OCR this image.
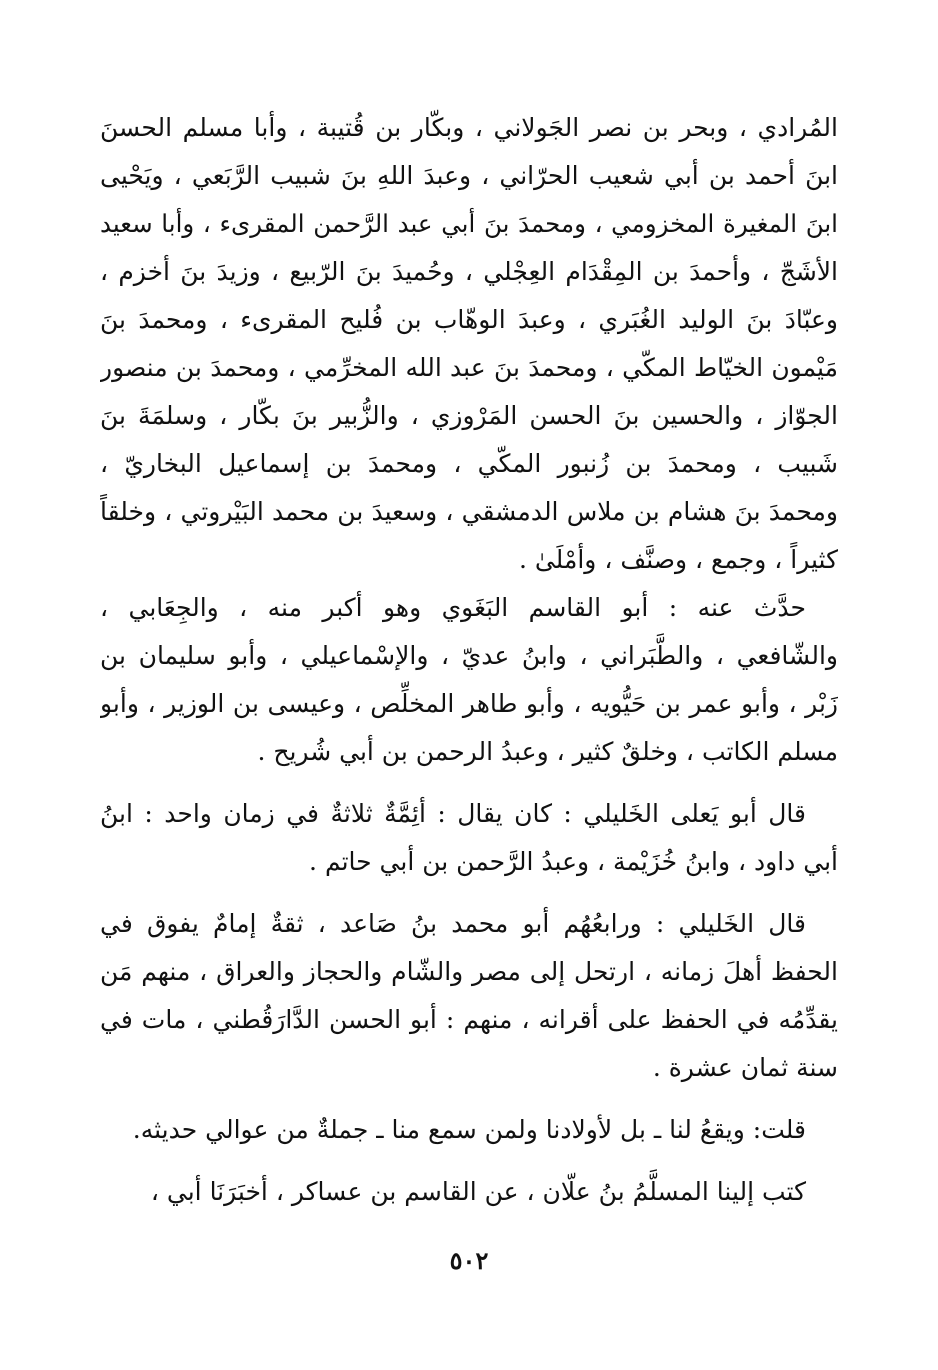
المُرادي ، وبحر بن نصر الجَولاني ، وبكّار بن قُتيبة ، وأبا مسلم الحسنَ
ابنَ أحمد بن أبي شعيب الحرّاني ، وعبدَ اللهِ بنَ شبيب الرَّبَعي ، ويَحْيى
ابنَ المغيرة المخزومي ، ومحمدَ بنَ أبي عبد الرَّحمن المقرىء ، وأبا سعيد
الأشَجّ ، وأحمدَ بن المِقْدَام العِجْلي ، وحُميدَ بنَ الرّبيع ، وزيدَ بنَ أخزم ،
وعبّادَ بنَ الوليد الغُبَري ، وعبدَ الوهّاب بن فُليح المقرىء ، ومحمدَ بنَ
مَيْمون الخيّاط المكّي ، ومحمدَ بنَ عبد الله المخرِّمي ، ومحمدَ بن منصور
الجوّاز ، والحسين بنَ الحسن المَرْوزي ، والزُّبير بنَ بكّار ، وسلمَةَ بنَ
شَبيب ، ومحمدَ بن زُنبور المكّي ، ومحمدَ بن إسماعيل البخاريّ ،
ومحمدَ بنَ هشام بن ملاس الدمشقي ، وسعيدَ بن محمد البَيْروتي ، وخلقاً
كثيراً ، وجمع ، وصنَّف ، وأمْلَىٰ .
حدَّث عنه : أبو القاسم البَغَوي وهو أكبر منه ، والجِعَابي ،
والشّافعي ، والطَّبَراني ، وابنُ عديّ ، والإسْماعيلي ، وأبو سليمان بن
زَبْر ، وأبو عمر بن حَيُّويه ، وأبو طاهر المخلِّص ، وعيسى بن الوزير ، وأبو
مسلم الكاتب ، وخلقٌ كثير ، وعبدُ الرحمن بن أبي شُريح .
قال أبو يَعلى الخَليلي : كان يقال : أئِمَّةٌ ثلاثةٌ في زمان واحد : ابنُ
أبي داود ، وابنُ خُزَيْمة ، وعبدُ الرَّحمن بن أبي حاتم .
قال الخَليلي : ورابعُهُم أبو محمد بنُ صَاعد ، ثقةٌ إمامٌ يفوق في
الحفظ أهلَ زمانه ، ارتحل إلى مصر والشّام والحجاز والعراق ، منهم مَن
يقدِّمُه في الحفظ على أقرانه ، منهم : أبو الحسن الدَّارَقُطني ، مات في
سنة ثمان عشرة .
قلت: ويقعُ لنا ـ بل لأولادنا ولمن سمع منا ـ جملةٌ من عوالي حديثه.
كتب إلينا المسلَّمُ بنُ علّان ، عن القاسم بن عساكر ، أخبَرَنَا أبي ،
٥٠٢
